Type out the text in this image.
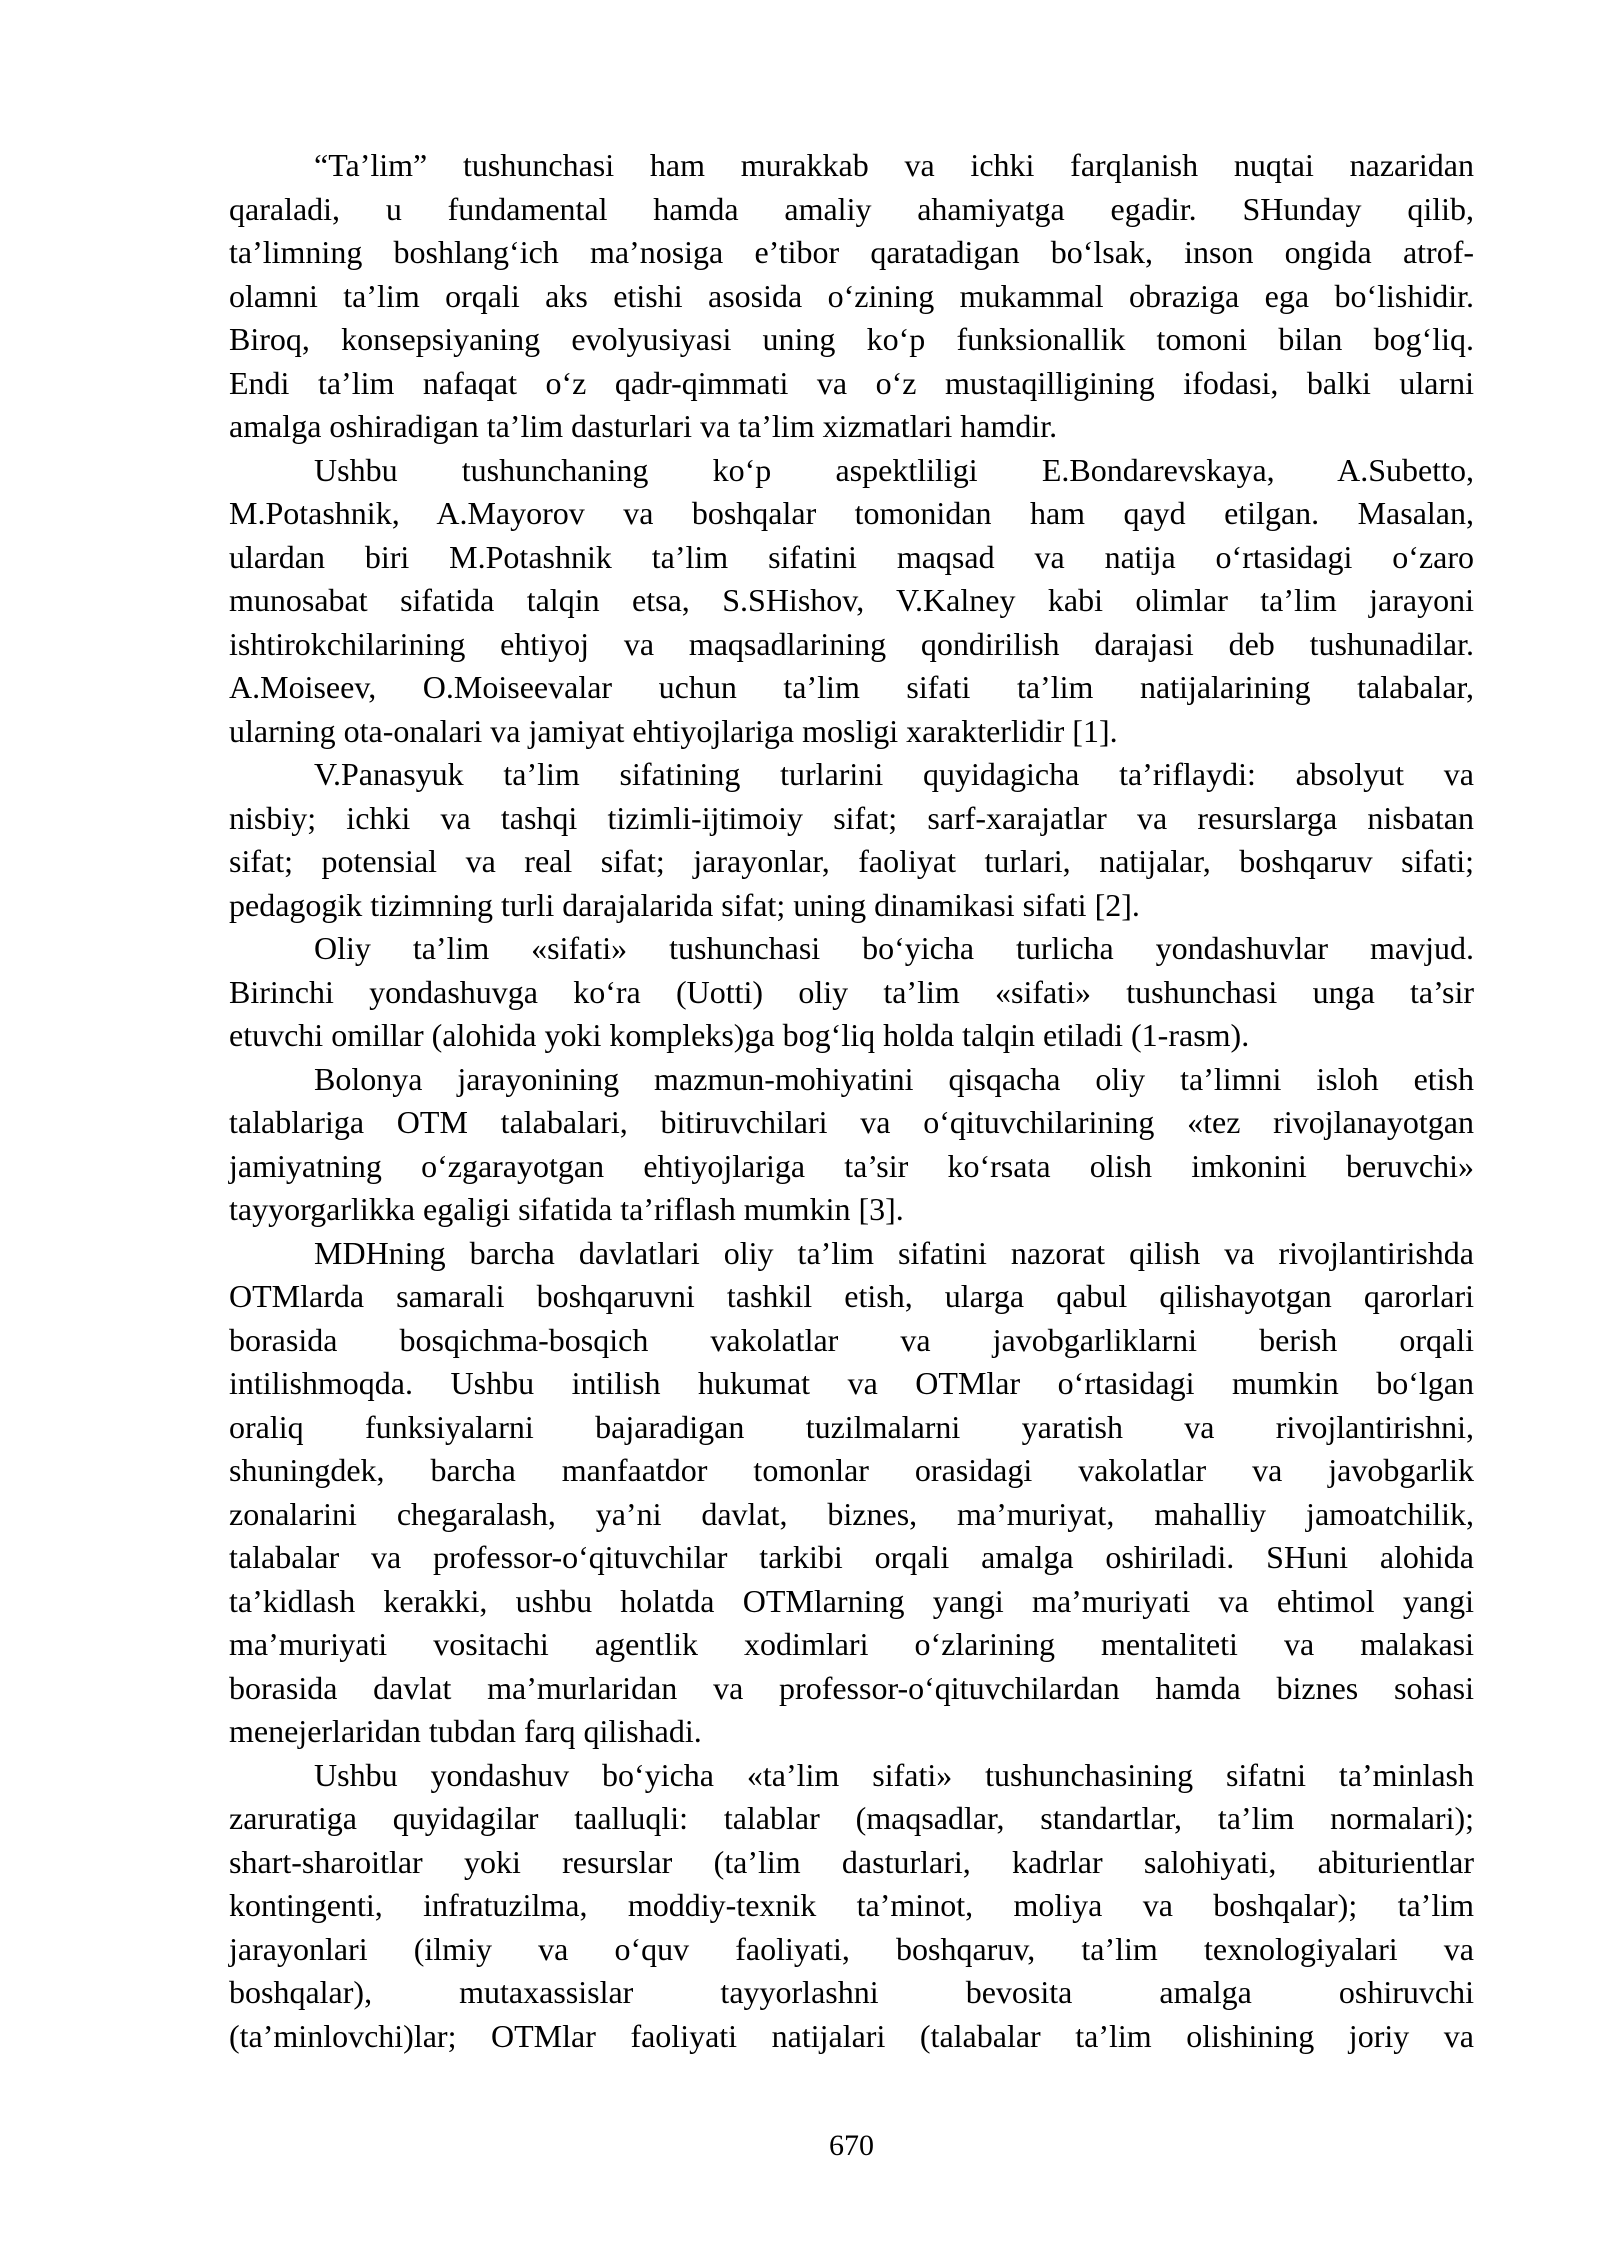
“Ta’lim” tushunchasi ham murakkab va ichki farqlanish nuqtai nazaridan
qaraladi, u fundamental hamda amaliy ahamiyatga egadir. SHunday qilib,
ta’limning boshlang‘ich ma’nosiga e’tibor qaratadigan bo‘lsak, inson ongida atrof-
olamni ta’lim orqali aks etishi asosida o‘zining mukammal obraziga ega bo‘lishidir.
Biroq, konsepsiyaning evolyusiyasi uning ko‘p funksionallik tomoni bilan bog‘liq.
Endi ta’lim nafaqat o‘z qadr-qimmati va o‘z mustaqilligining ifodasi, balki ularni
amalga oshiradigan ta’lim dasturlari va ta’lim xizmatlari hamdir.
Ushbu tushunchaning ko‘p aspektliligi E.Bondarevskaya, A.Subetto,
M.Potashnik, A.Mayorov va boshqalar tomonidan ham qayd etilgan. Masalan,
ulardan biri M.Potashnik ta’lim sifatini maqsad va natija o‘rtasidagi o‘zaro
munosabat sifatida talqin etsa, S.SHishov, V.Kalney kabi olimlar ta’lim jarayoni
ishtirokchilarining ehtiyoj va maqsadlarining qondirilish darajasi deb tushunadilar.
A.Moiseev, O.Moiseevalar uchun ta’lim sifati ta’lim natijalarining talabalar,
ularning ota-onalari va jamiyat ehtiyojlariga mosligi xarakterlidir [1].
V.Panasyuk ta’lim sifatining turlarini quyidagicha ta’riflaydi: absolyut va
nisbiy; ichki va tashqi tizimli-ijtimoiy sifat; sarf-xarajatlar va resurslarga nisbatan
sifat; potensial va real sifat; jarayonlar, faoliyat turlari, natijalar, boshqaruv sifati;
pedagogik tizimning turli darajalarida sifat; uning dinamikasi sifati [2].
Oliy ta’lim «sifati» tushunchasi bo‘yicha turlicha yondashuvlar mavjud.
Birinchi yondashuvga ko‘ra (Uotti) oliy ta’lim «sifati» tushunchasi unga ta’sir
etuvchi omillar (alohida yoki kompleks)ga bog‘liq holda talqin etiladi (1-rasm).
Bolonya jarayonining mazmun-mohiyatini qisqacha oliy ta’limni isloh etish
talablariga OTM talabalari, bitiruvchilari va o‘qituvchilarining «tez rivojlanayotgan
jamiyatning o‘zgarayotgan ehtiyojlariga ta’sir ko‘rsata olish imkonini beruvchi»
tayyorgarlikka egaligi sifatida ta’riflash mumkin [3].
MDHning barcha davlatlari oliy ta’lim sifatini nazorat qilish va rivojlantirishda
OTMlarda samarali boshqaruvni tashkil etish, ularga qabul qilishayotgan qarorlari
borasida bosqichma-bosqich vakolatlar va javobgarliklarni berish orqali
intilishmoqda. Ushbu intilish hukumat va OTMlar o‘rtasidagi mumkin bo‘lgan
oraliq funksiyalarni bajaradigan tuzilmalarni yaratish va rivojlantirishni,
shuningdek, barcha manfaatdor tomonlar orasidagi vakolatlar va javobgarlik
zonalarini chegaralash, ya’ni davlat, biznes, ma’muriyat, mahalliy jamoatchilik,
talabalar va professor-o‘qituvchilar tarkibi orqali amalga oshiriladi. SHuni alohida
ta’kidlash kerakki, ushbu holatda OTMlarning yangi ma’muriyati va ehtimol yangi
ma’muriyati vositachi agentlik xodimlari o‘zlarining mentaliteti va malakasi
borasida davlat ma’murlaridan va professor-o‘qituvchilardan hamda biznes sohasi
menejerlaridan tubdan farq qilishadi.
Ushbu yondashuv bo‘yicha «ta’lim sifati» tushunchasining sifatni ta’minlash
zaruratiga quyidagilar taalluqli: talablar (maqsadlar, standartlar, ta’lim normalari);
shart-sharoitlar yoki resurslar (ta’lim dasturlari, kadrlar salohiyati, abiturientlar
kontingenti, infratuzilma, moddiy-texnik ta’minot, moliya va boshqalar); ta’lim
jarayonlari (ilmiy va o‘quv faoliyati, boshqaruv, ta’lim texnologiyalari va
boshqalar), mutaxassislar tayyorlashni bevosita amalga oshiruvchi
(ta’minlovchi)lar; OTMlar faoliyati natijalari (talabalar ta’lim olishining joriy va
670
